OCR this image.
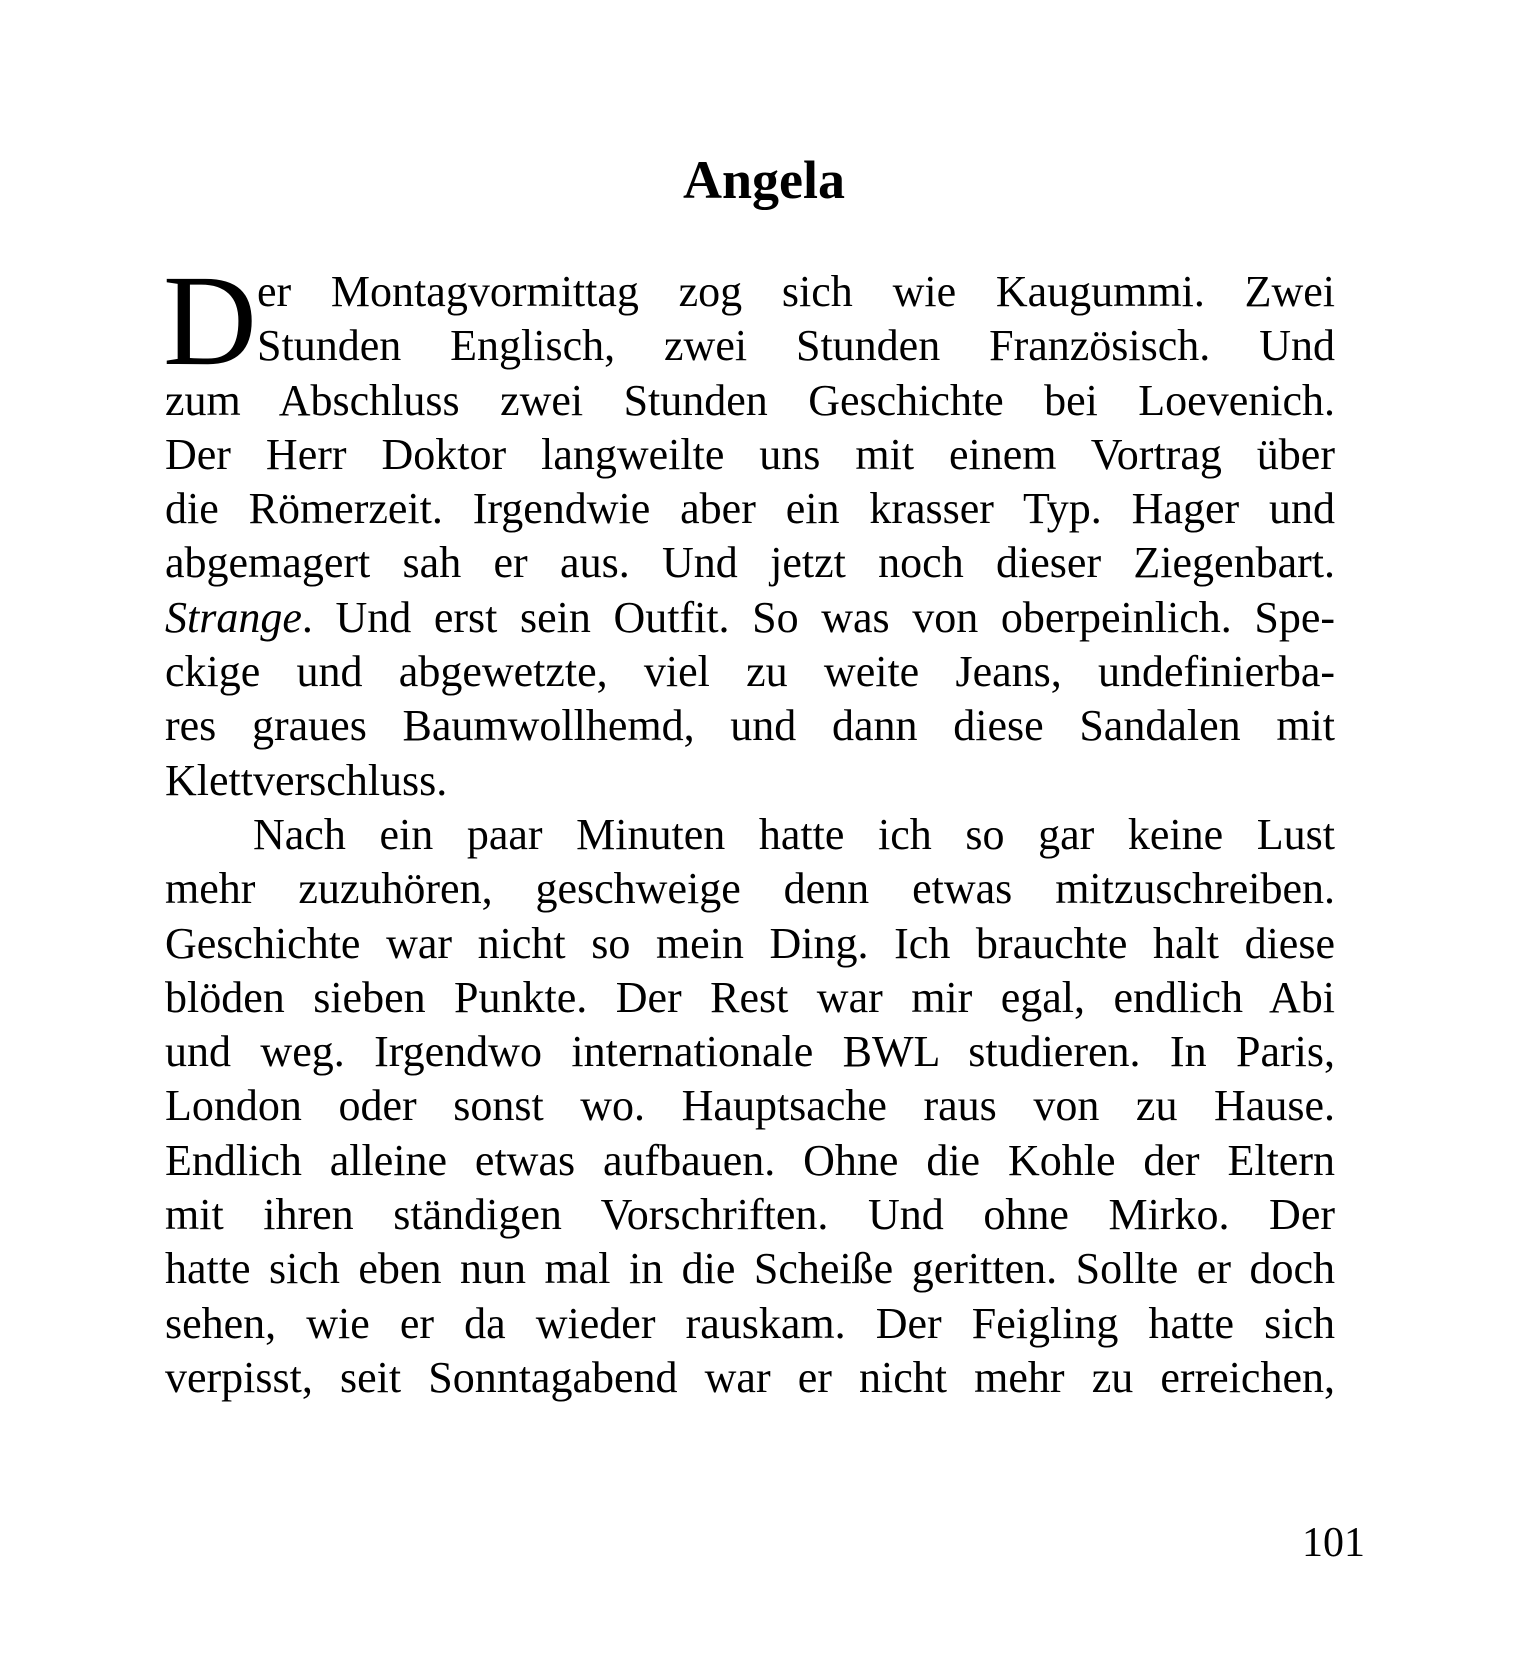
Angela
D er Montagvormittag zog sich wie Kaugummi. Zwei
Stunden Englisch, zwei Stunden Französisch. Und
zum Abschluss zwei Stunden Geschichte bei Loevenich.
Der Herr Doktor langweilte uns mit einem Vortrag über
die Römerzeit. Irgendwie aber ein krasser Typ. Hager und
abgemagert sah er aus. Und jetzt noch dieser Ziegenbart.
Strange. Und erst sein Outfit. So was von oberpeinlich. Spe-
ckige und abgewetzte, viel zu weite Jeans, undefinierba-
res graues Baumwollhemd, und dann diese Sandalen mit
Klettverschluss.
Nach ein paar Minuten hatte ich so gar keine Lust
mehr zuzuhören, geschweige denn etwas mitzuschreiben.
Geschichte war nicht so mein Ding. Ich brauchte halt diese
blöden sieben Punkte. Der Rest war mir egal, endlich Abi
und weg. Irgendwo internationale BWL studieren. In Paris,
London oder sonst wo. Hauptsache raus von zu Hause.
Endlich alleine etwas aufbauen. Ohne die Kohle der Eltern
mit ihren ständigen Vorschriften. Und ohne Mirko. Der
hatte sich eben nun mal in die Scheiße geritten. Sollte er doch
sehen, wie er da wieder rauskam. Der Feigling hatte sich
verpisst, seit Sonntagabend war er nicht mehr zu erreichen,
101
